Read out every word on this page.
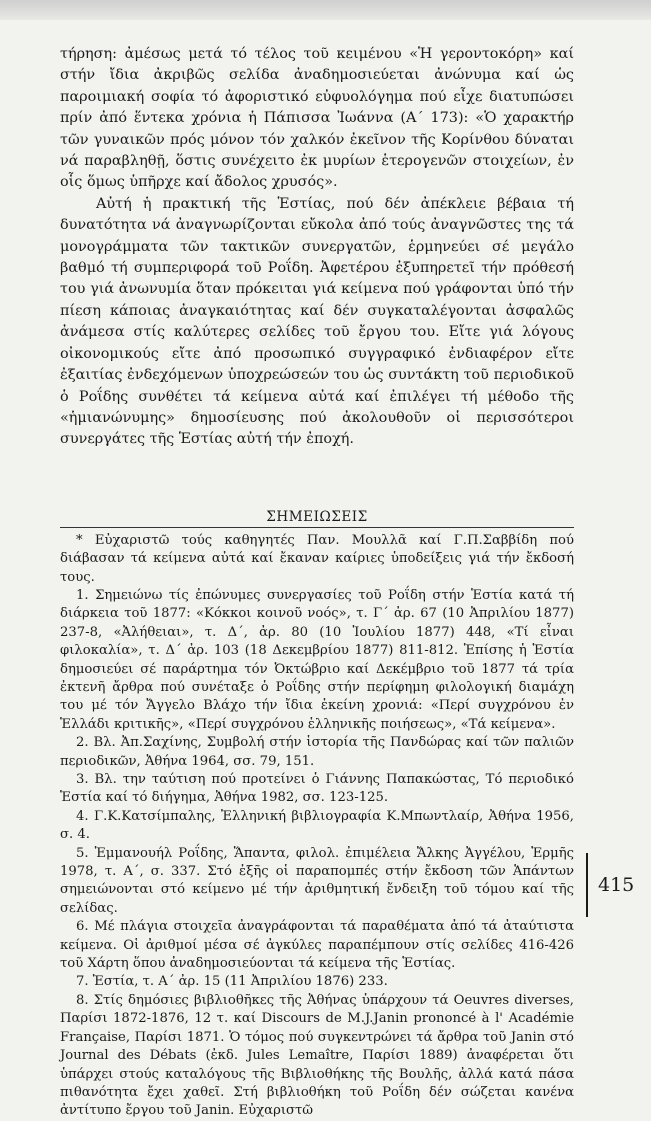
τήρηση: ἀμέσως μετά τό τέλος τοῦ κειμένου «Ἡ γεροντοκόρη» καί στήν ἴδια ἀκριβῶς σελίδα ἀναδημοσιεύεται ἀνώνυμα καί ὡς παροιμιακή σοφία τό ἀφοριστικό εὐφυολόγημα πού εἶχε διατυπώσει πρίν ἀπό ἕντεκα χρόνια ἡ Πάπισσα Ἰωάννα (Α΄ 173): «Ὁ χαρακτήρ τῶν γυναικῶν πρός μόνον τόν χαλκόν ἐκεῖνον τῆς Κορίνθου δύναται νά παραβληθῇ, ὅστις συνέχειτο ἐκ μυρίων ἑτερογενῶν στοιχείων, ἐν οἷς ὅμως ὑπῆρχε καί ἄδολος χρυσός».

Αὐτή ἡ πρακτική τῆς Ἑστίας, πού δέν ἀπέκλειε βέβαια τή δυνατότητα νά ἀναγνωρίζονται εὔκολα ἀπό τούς ἀναγνῶστες της τά μονογράμματα τῶν τακτικῶν συνεργατῶν, ἑρμηνεύει σέ μεγάλο βαθμό τή συμπεριφορά τοῦ Ροΐδη. Ἀφετέρου ἐξυπηρετεῖ τήν πρόθεσή του γιά ἀνωνυμία ὅταν πρόκειται γιά κείμενα πού γράφονται ὑπό τήν πίεση κάποιας ἀναγκαιότητας καί δέν συγκαταλέγονται ἀσφαλῶς ἀνάμεσα στίς καλύτερες σελίδες τοῦ ἔργου του. Εἴτε γιά λόγους οἰκονομικούς εἴτε ἀπό προσωπικό συγγραφικό ἐνδιαφέρον εἴτε ἐξαιτίας ἐνδεχόμενων ὑποχρεώσεών του ὡς συντάκτη τοῦ περιοδικοῦ ὁ Ροΐδης συνθέτει τά κείμενα αὐτά καί ἐπιλέγει τή μέθοδο τῆς «ἡμιανώνυμης» δημοσίευσης πού ἀκολουθοῦν οἱ περισσότεροι συνεργάτες τῆς Ἑστίας αὐτή τήν ἐποχή.

ΣΗΜΕΙΩΣΕΙΣ

* Εὐχαριστῶ τούς καθηγητές Παν. Μουλλᾶ καί Γ.Π.Σαββίδη πού διάβασαν τά κείμενα αὐτά καί ἔκαναν καίριες ὑποδείξεις γιά τήν ἔκδοσή τους.

1. Σημειώνω τίς ἐπώνυμες συνεργασίες τοῦ Ροΐδη στήν Ἑστία κατά τή διάρκεια τοῦ 1877: «Κόκκοι κοινοῦ νοός», τ. Γ΄ ἀρ. 67 (10 Ἀπριλίου 1877) 237-8, «Ἀλήθειαι», τ. Δ΄, ἀρ. 80 (10 Ἰουλίου 1877) 448, «Τί εἶναι φιλοκαλία», τ. Δ΄ ἀρ. 103 (18 Δεκεμβρίου 1877) 811-812. Ἐπίσης ἡ Ἑστία δημοσιεύει σέ παράρτημα τόν Ὀκτώβριο καί Δεκέμβριο τοῦ 1877 τά τρία ἐκτενῆ ἄρθρα πού συνέταξε ὁ Ροΐδης στήν περίφημη φιλολογική διαμάχη του μέ τόν Ἄγγελο Βλάχο τήν ἴδια ἐκείνη χρονιά: «Περί συγχρόνου ἐν Ἑλλάδι κριτικῆς», «Περί συγχρόνου ἑλληνικῆς ποιήσεως», «Τά κείμενα».

2. Βλ. Ἀπ.Σαχίνης, Συμβολή στήν ἱστορία τῆς Πανδώρας καί τῶν παλιῶν περιοδικῶν, Ἀθήνα 1964, σσ. 79, 151.

3. Βλ. την ταύτιση πού προτείνει ὁ Γιάννης Παπακώστας, Τό περιοδικό Ἑστία καί τό διήγημα, Ἀθήνα 1982, σσ. 123-125.

4. Γ.Κ.Κατσίμπαλης, Ἑλληνική βιβλιογραφία Κ.Μπωντλαίρ, Ἀθήνα 1956, σ. 4.

5. Ἐμμανουήλ Ροΐδης, Ἅπαντα, φιλολ. ἐπιμέλεια Ἄλκης Ἀγγέλου, Ἑρμῆς 1978, τ. Α΄, σ. 337. Στό ἑξῆς οἱ παραπομπές στήν ἔκδοση τῶν Ἁπάντων σημειώνονται στό κείμενο μέ τήν ἀριθμητική ἔνδειξη τοῦ τόμου καί τῆς σελίδας.

6. Μέ πλάγια στοιχεῖα ἀναγράφονται τά παραθέματα ἀπό τά ἀταύτιστα κείμενα. Οἱ ἀριθμοί μέσα σέ ἀγκύλες παραπέμπουν στίς σελίδες 416-426 τοῦ Χάρτη ὅπου ἀναδημοσιεύονται τά κείμενα τῆς Ἑστίας.

7. Ἑστία, τ. Α΄ ἀρ. 15 (11 Ἀπριλίου 1876) 233.

8. Στίς δημόσιες βιβλιοθῆκες τῆς Ἀθήνας ὑπάρχουν τά Oeuvres diverses, Παρίσι 1872-1876, 12 τ. καί Discours de M.J.Janin prononcé à l' Académie Française, Παρίσι 1871. Ὁ τόμος πού συγκεντρώνει τά ἄρθρα τοῦ Janin στό Journal des Débats (ἐκδ. Jules Lemaître, Παρίσι 1889) ἀναφέρεται ὅτι ὑπάρχει στούς καταλόγους τῆς Βιβλιοθήκης τῆς Βουλῆς, ἀλλά κατά πάσα πιθανότητα ἔχει χαθεῖ. Στή βιβλιοθήκη τοῦ Ροΐδη δέν σώζεται κανένα ἀντίτυπο ἔργου τοῦ Janin. Εὐχαριστῶ

415
